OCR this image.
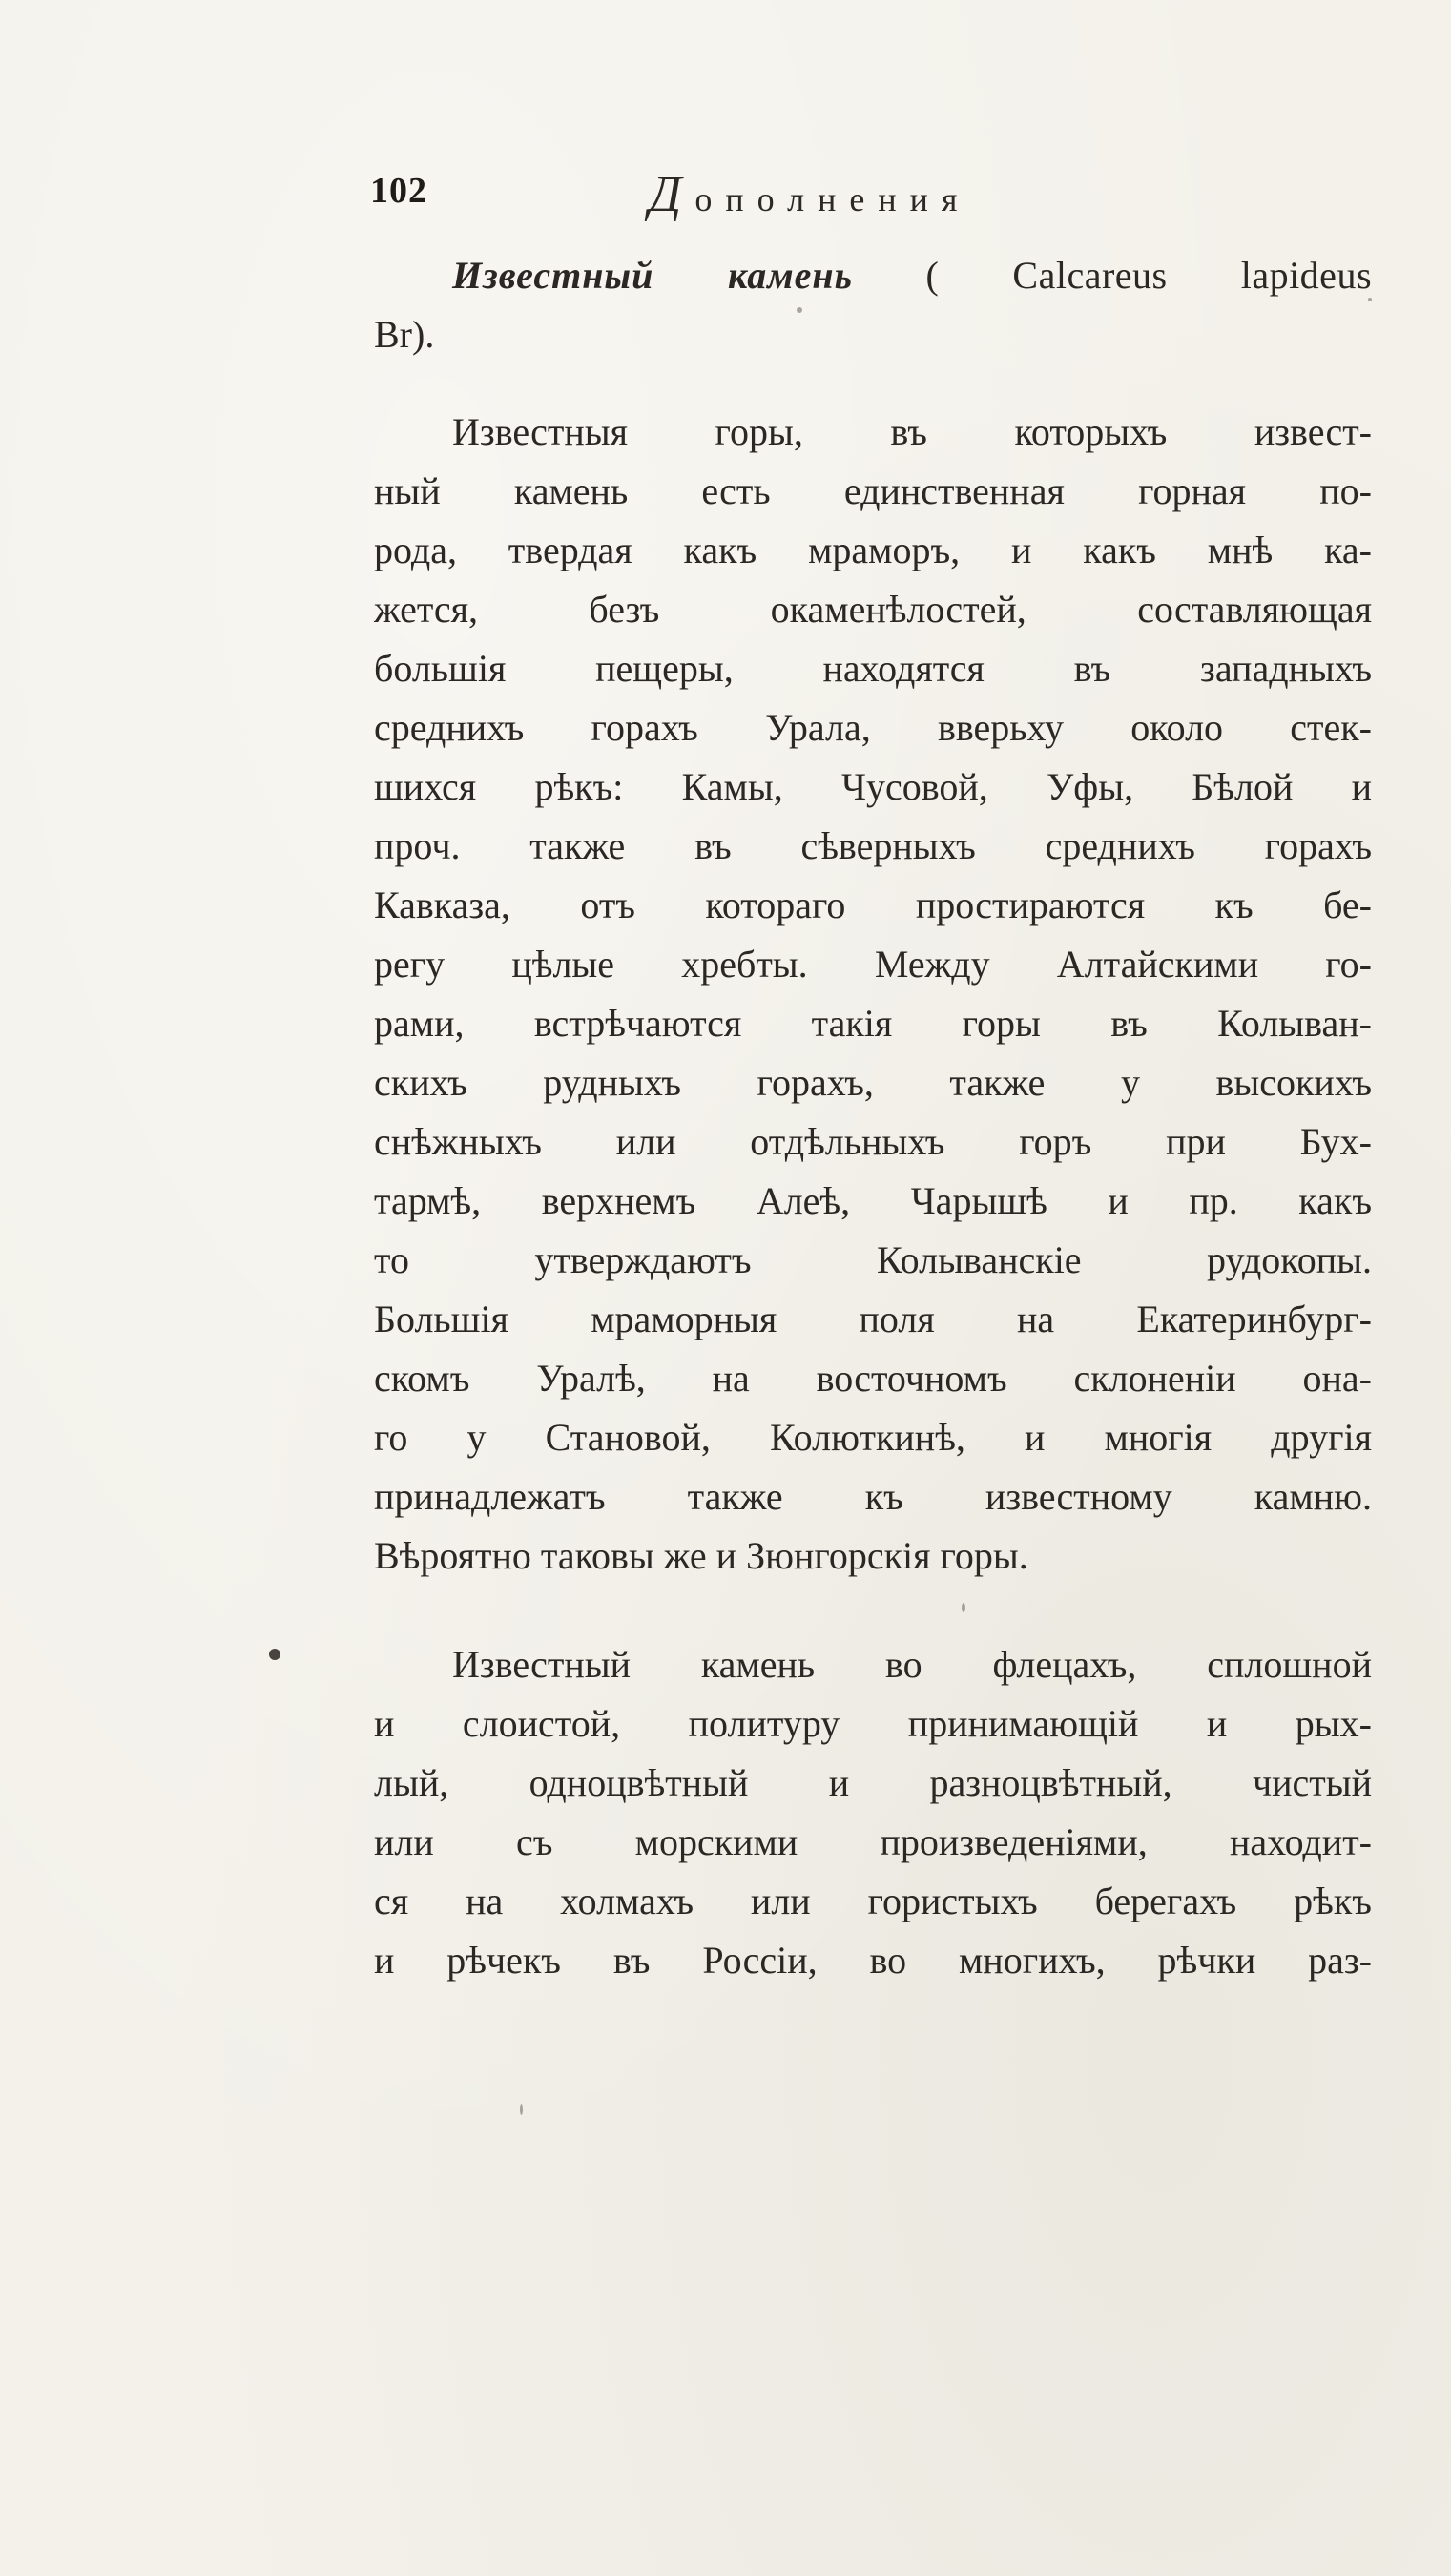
102	Дополнения

Известный камень ( Calcareus lapideus

Br).

Известныя горы, въ которыхъ извест-
ный камень есть единственная горная по-
рода, твердая какъ мраморъ, и какъ мнѣ ка-
жется, безъ окаменѣлостей, составляющая
большія пещеры, находятся въ западныхъ
среднихъ горахъ Урала, вверьху около стек-
шихся рѣкъ: Камы, Чусовой, Уфы, Бѣлой и
проч. также въ сѣверныхъ среднихъ горахъ
Кавказа, отъ котораго простираются къ бе-
регу цѣлые хребты. Между Алтайскими го-
рами, встрѣчаются такія горы въ Колыван-
скихъ рудныхъ горахъ, также у высокихъ
снѣжныхъ или отдѣльныхъ горъ при Бух-
тармѣ, верхнемъ Алеѣ, Чарышѣ и пр. какъ
то утверждаютъ Колыванскіе рудокопы.
Большія мраморныя поля на Екатеринбург-
скомъ Уралѣ, на восточномъ склоненіи она-
го у Становой, Колюткинѣ, и многія другія
принадлежатъ также къ известному камню.
Вѣроятно таковы же и Зюнгорскія горы.
Известный камень во флецахъ, сплошной
и слоистой, политуру принимающій и рых-
лый, одноцвѣтный и разноцвѣтный, чистый
или съ морскими произведеніями, находит-
ся на холмахъ или гористыхъ берегахъ рѣкъ
и рѣчекъ въ Россіи, во многихъ, рѣчки раз-
